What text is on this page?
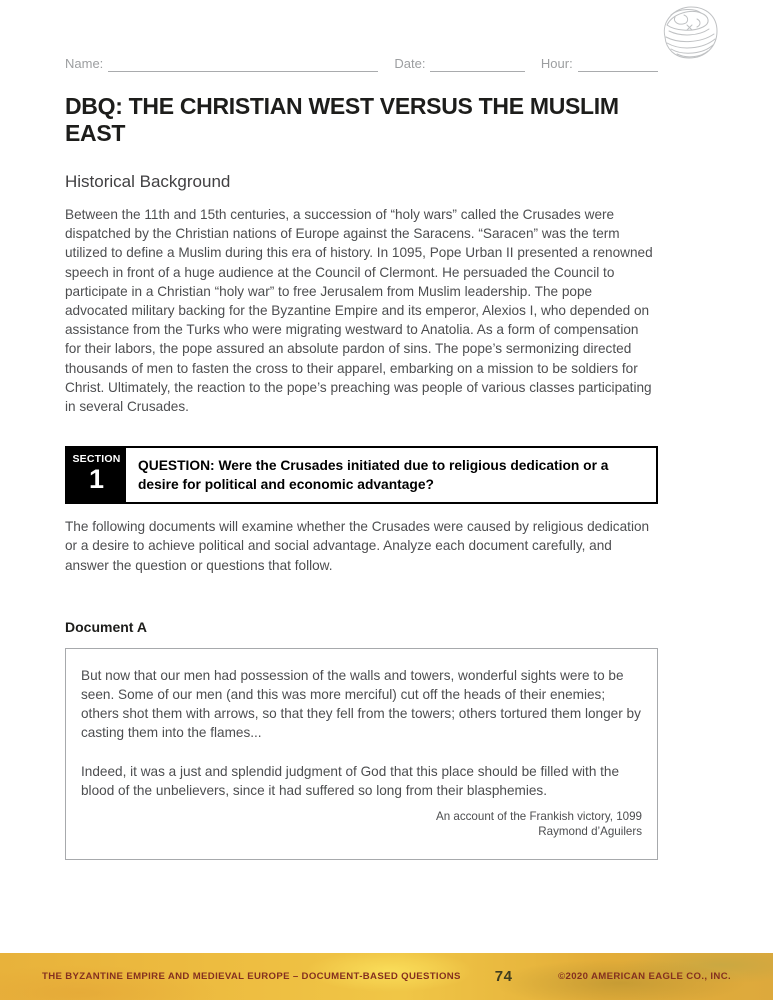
Name:	Date:	Hour:
DBQ: THE CHRISTIAN WEST VERSUS THE MUSLIM EAST
Historical Background

Between the 11th and 15th centuries, a succession of “holy wars” called the Crusades were dispatched by the Christian nations of Europe against the Saracens. “Saracen” was the term utilized to define a Muslim during this era of history. In 1095, Pope Urban II presented a renowned speech in front of a huge audience at the Council of Clermont. He persuaded the Council to participate in a Christian “holy war” to free Jerusalem from Muslim leadership. The pope advocated military backing for the Byzantine Empire and its emperor, Alexios I, who depended on assistance from the Turks who were migrating westward to Anatolia. As a form of compensation for their labors, the pope assured an absolute pardon of sins. The pope’s sermonizing directed thousands of men to fasten the cross to their apparel, embarking on a mission to be soldiers for Christ. Ultimately, the reaction to the pope’s preaching was people of various classes participating in several Crusades.

SECTION
1	QUESTION: Were the Crusades initiated due to religious dedication or a desire for political and economic advantage?

The following documents will examine whether the Crusades were caused by religious dedication or a desire to achieve political and social advantage. Analyze each document carefully, and answer the question or questions that follow.

Document A

But now that our men had possession of the walls and towers, wonderful sights were to be seen. Some of our men (and this was more merciful) cut off the heads of their enemies; others shot them with arrows, so that they fell from the towers; others tortured them longer by casting them into the flames...

Indeed, it was a just and splendid judgment of God that this place should be filled with the blood of the unbelievers, since it had suffered so long from their blasphemies.

An account of the Frankish victory, 1099
Raymond d’Aguilers
THE BYZANTINE EMPIRE AND MEDIEVAL EUROPE – DOCUMENT-BASED QUESTIONS 74	©2020 AMERICAN EAGLE CO., INC.
